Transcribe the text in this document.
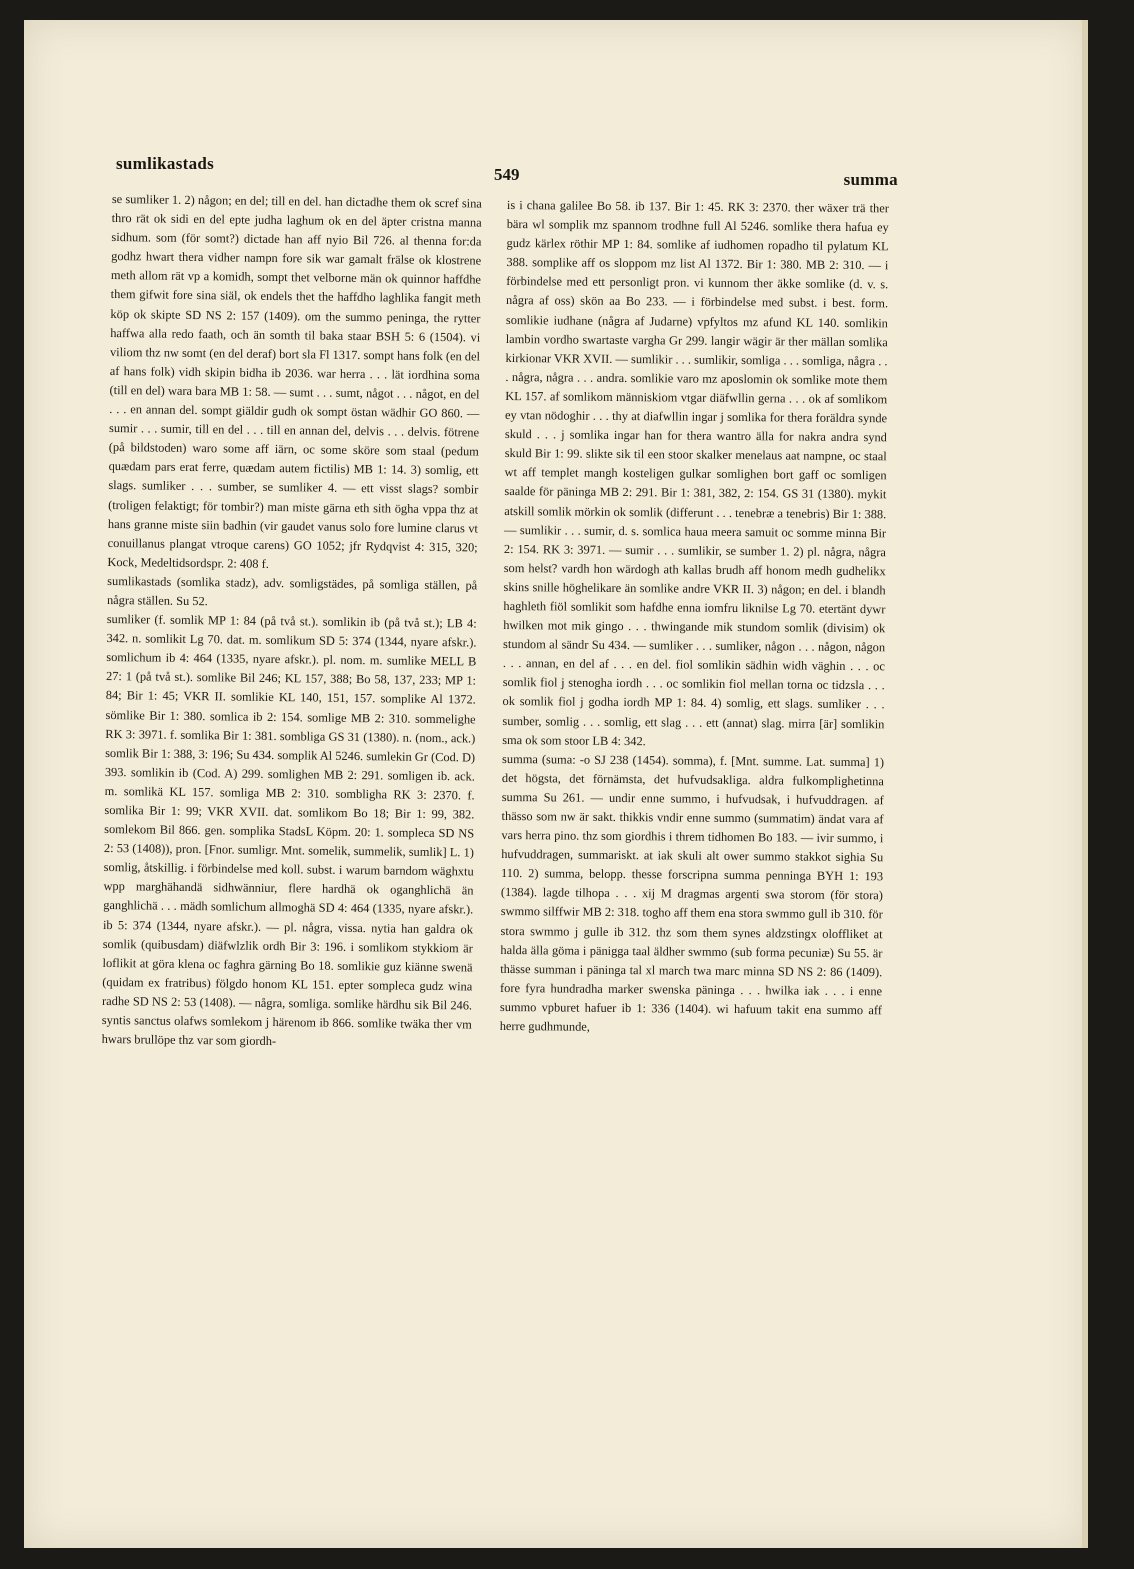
sumlikastads
549	summa

se sumliker 1. 2) någon; en del; till en del. han dictadhe them ok scref sina thro rät ok sidi en del epte judha laghum ok en del äpter cristna manna sidhum. som (för somt?) dictade han aff nyio Bil 726. al thenna for:da godhz hwart thera vidher nampn fore sik war gamalt frälse ok klostrene meth allom rät vp a komidh, sompt thet velborne män ok quinnor haffdhe them gifwit fore sina siäl, ok endels thet the haffdho laghlika fangit meth köp ok skipte SD NS 2: 157 (1409). om the summo peninga, the rytter haffwa alla redo faath, och än somth til baka staar BSH 5: 6 (1504). vi viliom thz nw somt (en del deraf) bort sla Fl 1317. sompt hans folk (en del af hans folk) vidh skipin bidha ib 2036. war herra . . . lät iordhina soma (till en del) wara bara MB 1: 58. — sumt . . . sumt, något . . . något, en del . . . en annan del. sompt giäldir gudh ok sompt östan wädhir GO 860. — sumir . . . sumir, till en del . . . till en annan del, delvis . . . delvis. fötrene (på bildstoden) waro some aff iärn, oc some sköre som staal (pedum quædam pars erat ferre, quædam autem fictilis) MB 1: 14. 3) somlig, ett slags. sumliker . . . sumber, se sumliker 4. — ett visst slags? sombir (troligen felaktigt; för tombir?) man miste gärna eth sith ögha vppa thz at hans granne miste siin badhin (vir gaudet vanus solo fore lumine clarus vt conuillanus plangat vtroque carens) GO 1052; jfr Rydqvist 4: 315, 320; Kock, Medeltidsordspr. 2: 408 f.

sumlikastads (somlika stadz), adv. somligstädes, på somliga ställen, på några ställen. Su 52.

sumliker (f. somlik MP 1: 84 (på två st.). somlikin ib (på två st.); LB 4: 342. n. somlikit Lg 70. dat. m. somlikum SD 5: 374 (1344, nyare afskr.). somlichum ib 4: 464 (1335, nyare afskr.). pl. nom. m. sumlike MELL B 27: 1 (på två st.). somlike Bil 246; KL 157, 388; Bo 58, 137, 233; MP 1: 84; Bir 1: 45; VKR II. somlikie KL 140, 151, 157. somplike Al 1372. sömlike Bir 1: 380. somlica ib 2: 154. somlige MB 2: 310. sommelighe RK 3: 3971. f. somlika Bir 1: 381. sombliga GS 31 (1380). n. (nom., ack.) somlik Bir 1: 388, 3: 196; Su 434. somplik Al 5246. sumlekin Gr (Cod. D) 393. somlikin ib (Cod. A) 299. somlighen MB 2: 291. somligen ib. ack. m. somlikä KL 157. somliga MB 2: 310. sombligha RK 3: 2370. f. somlika Bir 1: 99; VKR XVII. dat. somlikom Bo 18; Bir 1: 99, 382. somlekom Bil 866. gen. somplika StadsL Köpm. 20: 1. sompleca SD NS 2: 53 (1408)), pron. [Fnor. sumligr. Mnt. somelik, summelik, sumlik] L. 1) somlig, åtskillig. i förbindelse med koll. subst. i warum barndom wäghxtu wpp marghähandä sidhwänniur, flere hardhä ok oganghlichä än ganghlichä . . . mädh somlichum allmoghä SD 4: 464 (1335, nyare afskr.). ib 5: 374 (1344, nyare afskr.). — pl. några, vissa. nytia han galdra ok somlik (quibusdam) diäfwlzlik ordh Bir 3: 196. i somlikom stykkiom är loflikit at göra klena oc faghra gärning Bo 18. somlikie guz kiänne swenä (quidam ex fratribus) fölgdo honom KL 151. epter sompleca gudz wina radhe SD NS 2: 53 (1408). — några, somliga. somlike härdhu sik Bil 246. syntis sanctus olafws somlekom j härenom ib 866. somlike twäka ther vm hwars brullöpe thz var som giordh-

is i chana galilee Bo 58. ib 137. Bir 1: 45. RK 3: 2370. ther wäxer trä ther bära wl somplik mz spannom trodhne full Al 5246. somlike thera hafua ey gudz kärlex röthir MP 1: 84. somlike af iudhomen ropadho til pylatum KL 388. somplike aff os sloppom mz list Al 1372. Bir 1: 380. MB 2: 310. — i förbindelse med ett personligt pron. vi kunnom ther äkke somlike (d. v. s. några af oss) skön aa Bo 233. — i förbindelse med subst. i best. form. somlikie iudhane (några af Judarne) vpfyltos mz afund KL 140. somlikin lambin vordho swartaste vargha Gr 299. langir wägir är ther mällan somlika kirkionar VKR XVII. — sumlikir . . . sumlikir, somliga . . . somliga, några . . . några, några . . . andra. somlikie varo mz aposlomin ok somlike mote them KL 157. af somlikom människiom vtgar diäfwllin gerna . . . ok af somlikom ey vtan nödoghir . . . thy at diafwllin ingar j somlika for thera foräldra synde skuld . . . j somlika ingar han for thera wantro älla for nakra andra synd skuld Bir 1: 99. slikte sik til een stoor skalker menelaus aat nampne, oc staal wt aff templet mangh kosteligen gulkar somlighen bort gaff oc somligen saalde för päninga MB 2: 291. Bir 1: 381, 382, 2: 154. GS 31 (1380). mykit atskill somlik mörkin ok somlik (differunt . . . tenebræ a tenebris) Bir 1: 388. — sumlikir . . . sumir, d. s. somlica haua meera samuit oc somme minna Bir 2: 154. RK 3: 3971. — sumir . . . sumlikir, se sumber 1. 2) pl. några, några som helst? vardh hon wärdogh ath kallas brudh aff honom medh gudhelikx skins snille höghelikare än somlike andre VKR II. 3) någon; en del. i blandh haghleth fiöl somlikit som hafdhe enna iomfru liknilse Lg 70. etertänt dywr hwilken mot mik gingo . . . thwingande mik stundom somlik (divisim) ok stundom al sändr Su 434. — sumliker . . . sumliker, någon . . . någon, någon . . . annan, en del af . . . en del. fiol somlikin sädhin widh väghin . . . oc somlik fiol j stenogha iordh . . . oc somlikin fiol mellan torna oc tidzsla . . . ok somlik fiol j godha iordh MP 1: 84. 4) somlig, ett slags. sumliker . . . sumber, somlig . . . somlig, ett slag . . . ett (annat) slag. mirra [är] somlikin sma ok som stoor LB 4: 342.

summa (suma: -o SJ 238 (1454). somma), f. [Mnt. summe. Lat. summa] 1) det högsta, det förnämsta, det hufvudsakliga. aldra fulkomplighetinna summa Su 261. — undir enne summo, i hufvudsak, i hufvuddragen. af thässo som nw är sakt. thikkis vndir enne summo (summatim) ändat vara af vars herra pino. thz som giordhis i threm tidhomen Bo 183. — ivir summo, i hufvuddragen, summariskt. at iak skuli alt ower summo stakkot sighia Su 110. 2) summa, belopp. thesse forscripna summa penninga BYH 1: 193 (1384). lagde tilhopa . . . xij M dragmas argenti swa storom (för stora) swmmo silffwir MB 2: 318. togho aff them ena stora swmmo gull ib 310. för stora swmmo j gulle ib 312. thz som them synes aldzstingx oloffliket at halda älla göma i pänigga taal äldher swmmo (sub forma pecuniæ) Su 55. är thässe summan i päninga tal xl march twa marc minna SD NS 2: 86 (1409). fore fyra hundradha marker swenska päninga . . . hwilka iak . . . i enne summo vpburet hafuer ib 1: 336 (1404). wi hafuum takit ena summo aff herre gudhmunde,
